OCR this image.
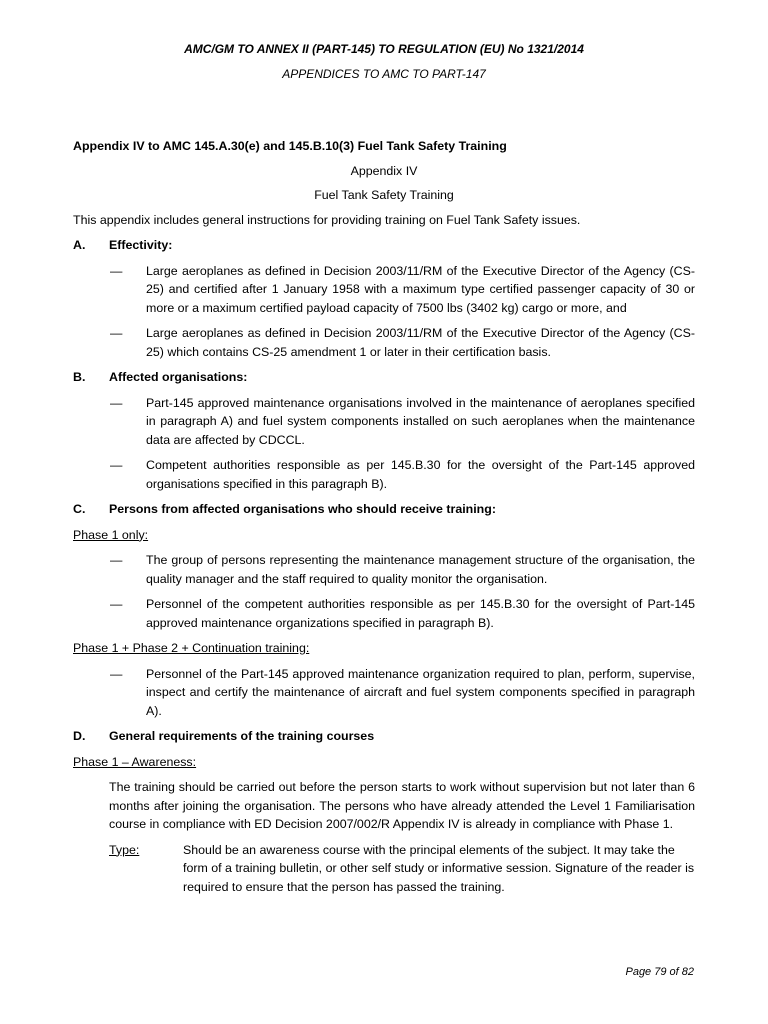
AMC/GM TO ANNEX II (PART-145) TO REGULATION (EU) No 1321/2014
APPENDICES TO AMC TO PART-147

Appendix IV to AMC 145.A.30(e) and 145.B.10(3) Fuel Tank Safety Training

Appendix IV

Fuel Tank Safety Training

This appendix includes general instructions for providing training on Fuel Tank Safety issues.

A.	Effectivity:
—	Large aeroplanes as defined in Decision 2003/11/RM of the Executive Director of the Agency (CS-25) and certified after 1 January 1958 with a maximum type certified passenger capacity of 30 or more or a maximum certified payload capacity of 7500 lbs (3402 kg) cargo or more, and
—	Large aeroplanes as defined in Decision 2003/11/RM of the Executive Director of the Agency (CS-25) which contains CS-25 amendment 1 or later in their certification basis.
B.	Affected organisations:
—	Part-145 approved maintenance organisations involved in the maintenance of aeroplanes specified in paragraph A) and fuel system components installed on such aeroplanes when the maintenance data are affected by CDCCL.
—	Competent authorities responsible as per 145.B.30 for the oversight of the Part-145 approved organisations specified in this paragraph B).
C.	Persons from affected organisations who should receive training:

Phase 1 only:

—	The group of persons representing the maintenance management structure of the organisation, the quality manager and the staff required to quality monitor the organisation.
—	Personnel of the competent authorities responsible as per 145.B.30 for the oversight of Part-145 approved maintenance organizations specified in paragraph B).

Phase 1 + Phase 2 + Continuation training:

—	Personnel of the Part-145 approved maintenance organization required to plan, perform, supervise, inspect and certify the maintenance of aircraft and fuel system components specified in paragraph A).
D.	General requirements of the training courses

Phase 1 – Awareness:

The training should be carried out before the person starts to work without supervision but not later than 6 months after joining the organisation. The persons who have already attended the Level 1 Familiarisation course in compliance with ED Decision 2007/002/R Appendix IV is already in compliance with Phase 1.

Type:	Should be an awareness course with the principal elements of the subject. It may take the form of a training bulletin, or other self study or informative session. Signature of the reader is required to ensure that the person has passed the training.
Page 79 of 82
